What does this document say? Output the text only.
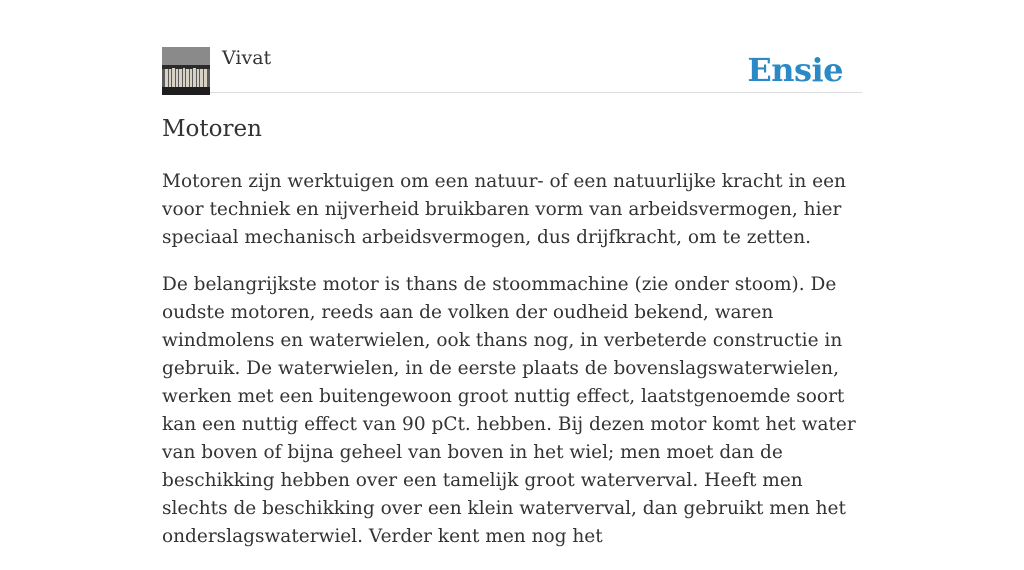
Vivat	Ensie
Motoren

Motoren zijn werktuigen om een natuur- of een natuurlijke kracht in een voor techniek en nijverheid bruikbaren vorm van arbeidsvermogen, hier speciaal mechanisch arbeidsvermogen, dus drijfkracht, om te zetten.

De belangrijkste motor is thans de stoommachine (zie onder stoom). De oudste motoren, reeds aan de volken der oudheid bekend, waren windmolens en waterwielen, ook thans nog, in verbeterde constructie in gebruik. De waterwielen, in de eerste plaats de bovenslagswaterwielen, werken met een buitengewoon groot nuttig effect, laatstgenoemde soort kan een nuttig effect van 90 pCt. hebben. Bij dezen motor komt het water van boven of bijna geheel van boven in het wiel; men moet dan de beschikking hebben over een tamelijk groot waterverval. Heeft men slechts de beschikking over een klein waterverval, dan gebruikt men het onderslagswaterwiel. Verder kent men nog het
